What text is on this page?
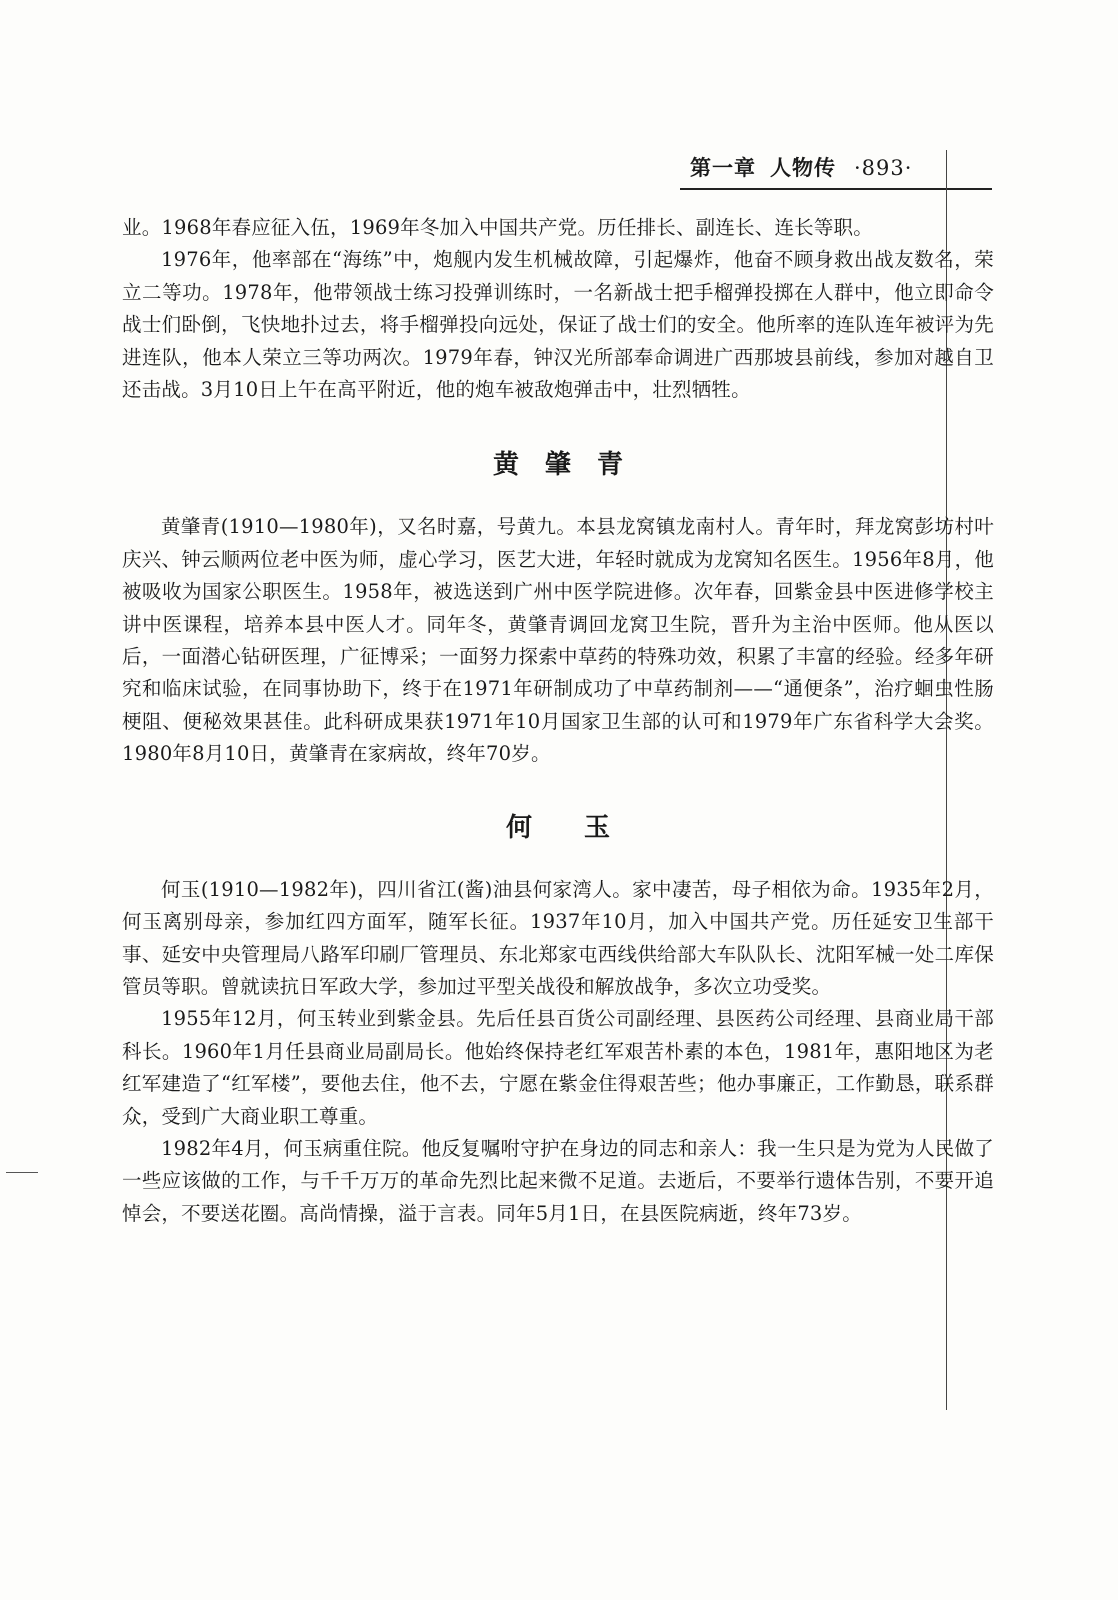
第一章 人物传 ·893·

业。1968年春应征入伍，1969年冬加入中国共产党。历任排长、副连长、连长等职。

1976年，他率部在“海练”中，炮舰内发生机械故障，引起爆炸，他奋不顾身救出战友数名，荣立二等功。1978年，他带领战士练习投弹训练时，一名新战士把手榴弹投掷在人群中，他立即命令战士们卧倒，飞快地扑过去，将手榴弹投向远处，保证了战士们的安全。他所率的连队连年被评为先进连队，他本人荣立三等功两次。1979年春，钟汉光所部奉命调进广西那坡县前线，参加对越自卫还击战。3月10日上午在高平附近，他的炮车被敌炮弹击中，壮烈牺牲。

黄肇青

黄肇青(1910—1980年)，又名时嘉，号黄九。本县龙窝镇龙南村人。青年时，拜龙窝彭坊村叶庆兴、钟云顺两位老中医为师，虚心学习，医艺大进，年轻时就成为龙窝知名医生。1956年8月，他被吸收为国家公职医生。1958年，被选送到广州中医学院进修。次年春，回紫金县中医进修学校主讲中医课程，培养本县中医人才。同年冬，黄肇青调回龙窝卫生院，晋升为主治中医师。他从医以后，一面潜心钻研医理，广征博采；一面努力探索中草药的特殊功效，积累了丰富的经验。经多年研究和临床试验，在同事协助下，终于在1971年研制成功了中草药制剂——“通便条”，治疗蛔虫性肠梗阻、便秘效果甚佳。此科研成果获1971年10月国家卫生部的认可和1979年广东省科学大会奖。1980年8月10日，黄肇青在家病故，终年70岁。

何玉

何玉(1910—1982年)，四川省江(酱)油县何家湾人。家中凄苦，母子相依为命。1935年2月，何玉离别母亲，参加红四方面军，随军长征。1937年10月，加入中国共产党。历任延安卫生部干事、延安中央管理局八路军印刷厂管理员、东北郑家屯西线供给部大车队队长、沈阳军械一处二库保管员等职。曾就读抗日军政大学，参加过平型关战役和解放战争，多次立功受奖。

1955年12月，何玉转业到紫金县。先后任县百货公司副经理、县医药公司经理、县商业局干部科长。1960年1月任县商业局副局长。他始终保持老红军艰苦朴素的本色，1981年，惠阳地区为老红军建造了“红军楼”，要他去住，他不去，宁愿在紫金住得艰苦些；他办事廉正，工作勤恳，联系群众，受到广大商业职工尊重。

1982年4月，何玉病重住院。他反复嘱咐守护在身边的同志和亲人：我一生只是为党为人民做了一些应该做的工作，与千千万万的革命先烈比起来微不足道。去逝后，不要举行遗体告别，不要开追悼会，不要送花圈。高尚情操，溢于言表。同年5月1日，在县医院病逝，终年73岁。
